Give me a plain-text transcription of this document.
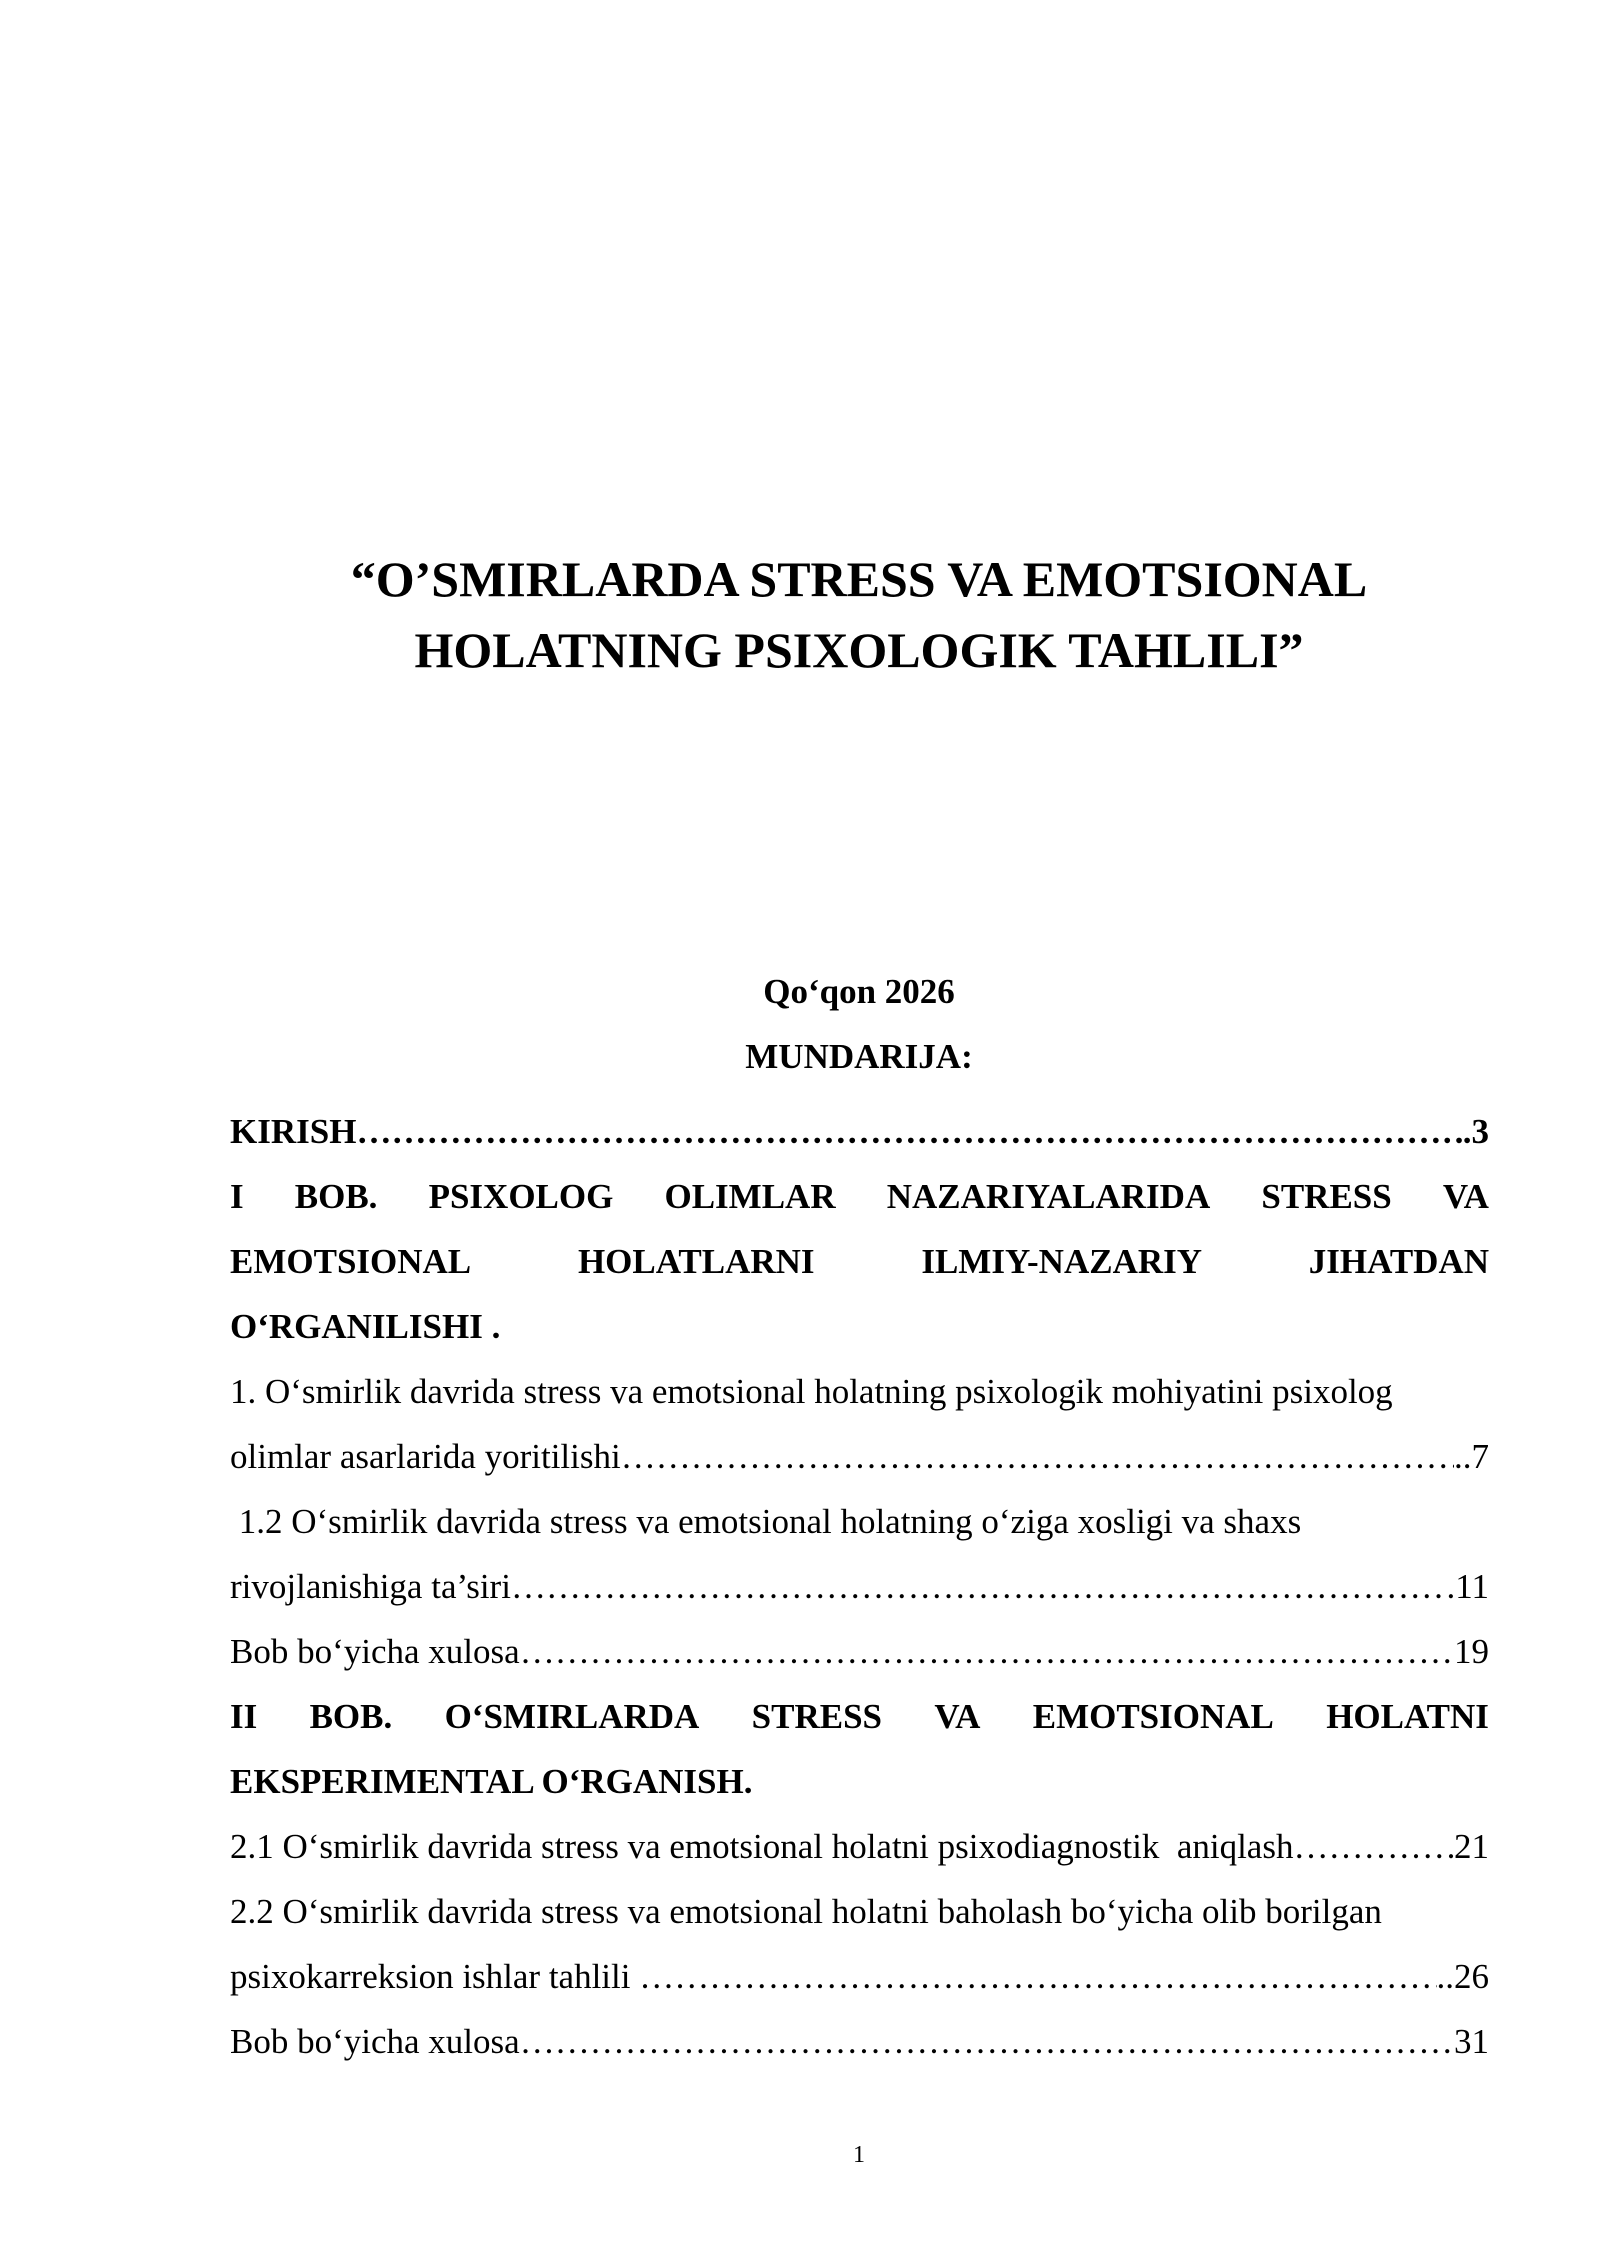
“O’SMIRLARDA STRESS VA EMOTSIONAL
HOLATNING PSIXOLOGIK TAHLILI”
Qo‘qon 2026
MUNDARIJA:
KIRISH …………………………………………………………………………………………………………………………………………………………………………………………	.3
I BOB. PSIXOLOG OLIMLAR NAZARIYALARIDA STRESS VA
EMOTSIONAL	HOLATLARNI	ILMIY-NAZARIY	JIHATDAN
O‘RGANILISHI .
1. O‘smirlik davrida stress va emotsional holatning psixologik mohiyatini psixolog
olimlar asarlarida yoritilishi …………………………………………………………………………………………………………………………………………………………………………………………	..7
1.2 O‘smirlik davrida stress va emotsional holatning o‘ziga xosligi va shaxs
rivojlanishiga ta’siri …………………………………………………………………………………………………………………………………………………………………………………………	.11
Bob bo‘yicha xulosa …………………………………………………………………………………………………………………………………………………………………………………………	19
II BOB. O‘SMIRLARDA STRESS VA EMOTSIONAL HOLATNI
EKSPERIMENTAL O‘RGANISH.
2.1 O‘smirlik davrida stress va emotsional holatni psixodiagnostik  aniqlash …………………………………………………………………………………………………………………………………………………………………………………………	21
2.2 O‘smirlik davrida stress va emotsional holatni baholash bo‘yicha olib borilgan
psixokarreksion ishlar tahlili …………………………………………………………………………………………………………………………………………………………………………………………	..26
Bob bo‘yicha xulosa …………………………………………………………………………………………………………………………………………………………………………………………	31
1
